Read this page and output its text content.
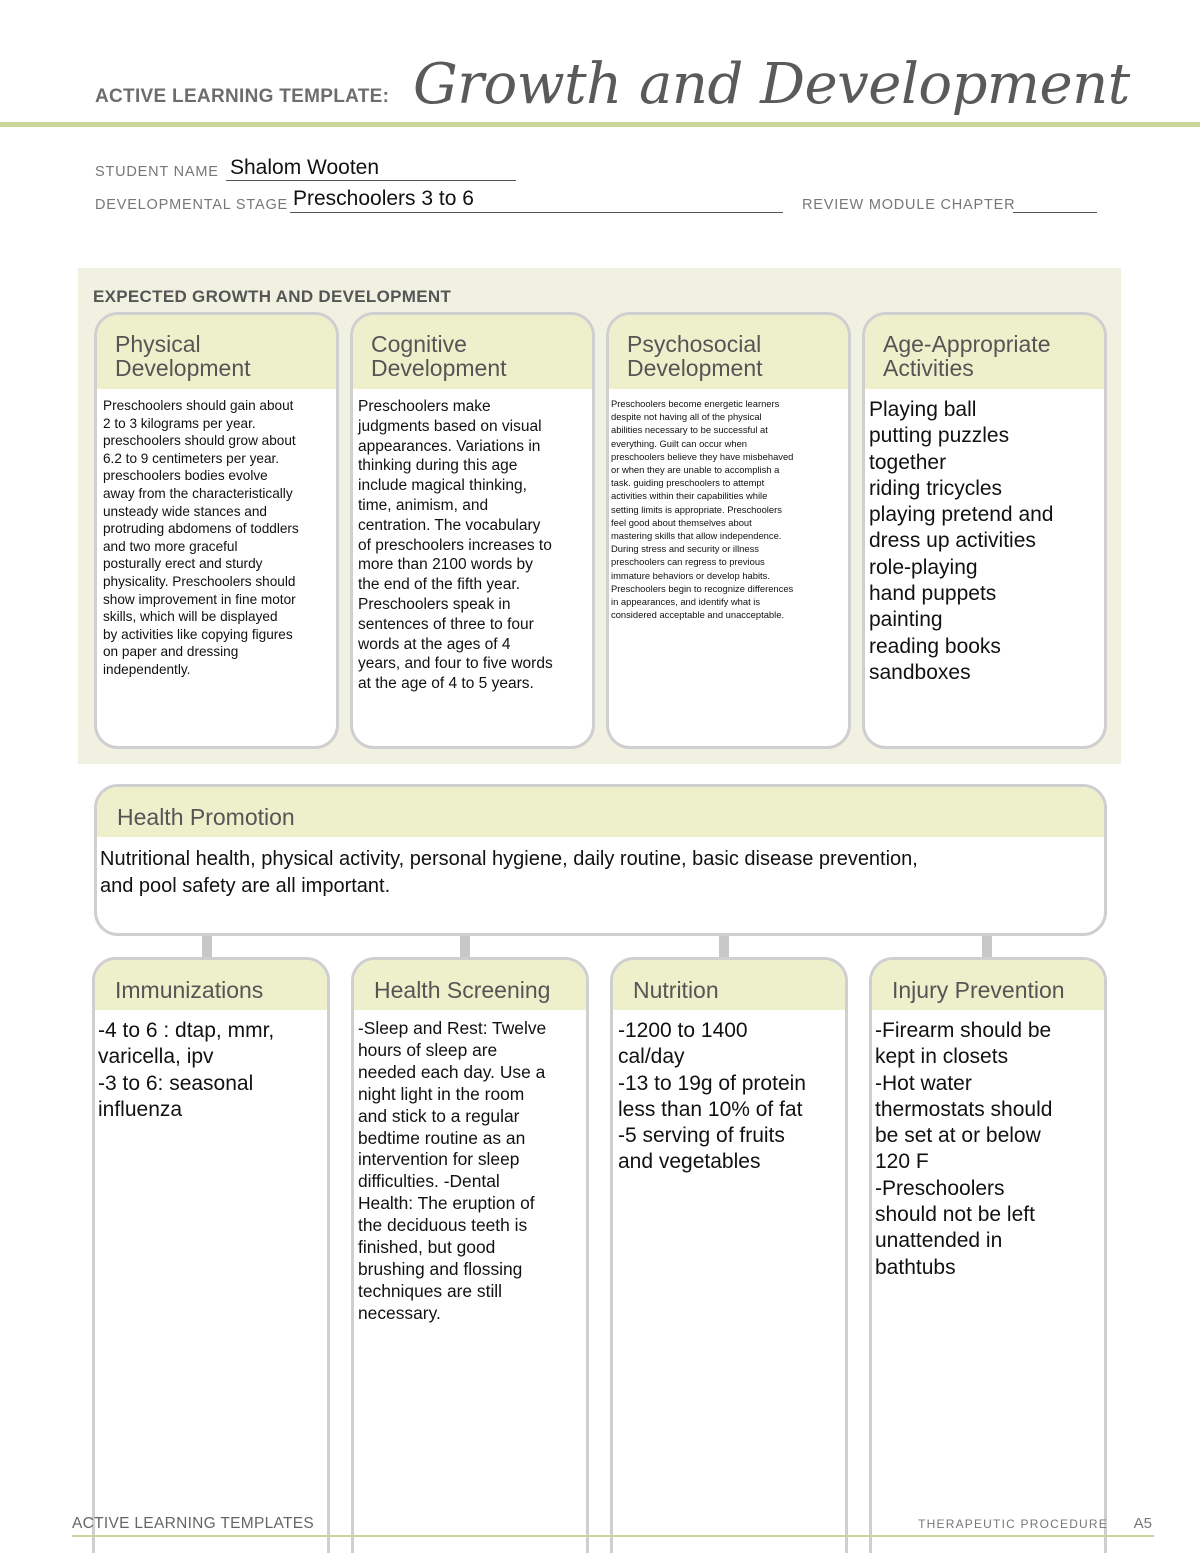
ACTIVE LEARNING TEMPLATE: Growth and Development
STUDENT NAME Shalom Wooten
DEVELOPMENTAL STAGE Preschoolers 3 to 6	REVIEW MODULE CHAPTER
EXPECTED GROWTH AND DEVELOPMENT
Physical
Development
Preschoolers should gain about
2 to 3 kilograms per year.
preschoolers should grow about
6.2 to 9 centimeters per year.
preschoolers bodies evolve
away from the characteristically
unsteady wide stances and
protruding abdomens of toddlers
and two more graceful
posturally erect and sturdy
physicality. Preschoolers should
show improvement in fine motor
skills, which will be displayed
by activities like copying figures
on paper and dressing
independently.
Cognitive
Development
Preschoolers make
judgments based on visual
appearances. Variations in
thinking during this age
include magical thinking,
time, animism, and
centration. The vocabulary
of preschoolers increases to
more than 2100 words by
the end of the fifth year.
Preschoolers speak in
sentences of three to four
words at the ages of 4
years, and four to five words
at the age of 4 to 5 years.
Psychosocial
Development
Preschoolers become energetic learners
despite not having all of the physical
abilities necessary to be successful at
everything. Guilt can occur when
preschoolers believe they have misbehaved
or when they are unable to accomplish a
task. guiding preschoolers to attempt
activities within their capabilities while
setting limits is appropriate. Preschoolers
feel good about themselves about
mastering skills that allow independence.
During stress and security or illness
preschoolers can regress to previous
immature behaviors or develop habits.
Preschoolers begin to recognize differences
in appearances, and identify what is
considered acceptable and unacceptable.
Age-Appropriate
Activities
Playing ball
putting puzzles
together
riding tricycles
playing pretend and
dress up activities
role-playing
hand puppets
painting
reading books
sandboxes
Health Promotion
Nutritional health, physical activity, personal hygiene, daily routine, basic disease prevention,
and pool safety are all important.
Immunizations
-4 to 6 : dtap, mmr,
varicella, ipv
-3 to 6: seasonal
influenza
Health Screening
-Sleep and Rest: Twelve
hours of sleep are
needed each day. Use a
night light in the room
and stick to a regular
bedtime routine as an
intervention for sleep
difficulties. -Dental
Health: The eruption of
the deciduous teeth is
finished, but good
brushing and flossing
techniques are still
necessary.
Nutrition
-1200 to 1400
cal/day
-13 to 19g of protein
less than 10% of fat
-5 serving of fruits
and vegetables
Injury Prevention
-Firearm should be
kept in closets
-Hot water
thermostats should
be set at or below
120 F
-Preschoolers
should not be left
unattended in
bathtubs
ACTIVE LEARNING TEMPLATES	THERAPEUTIC PROCEDURE A5
